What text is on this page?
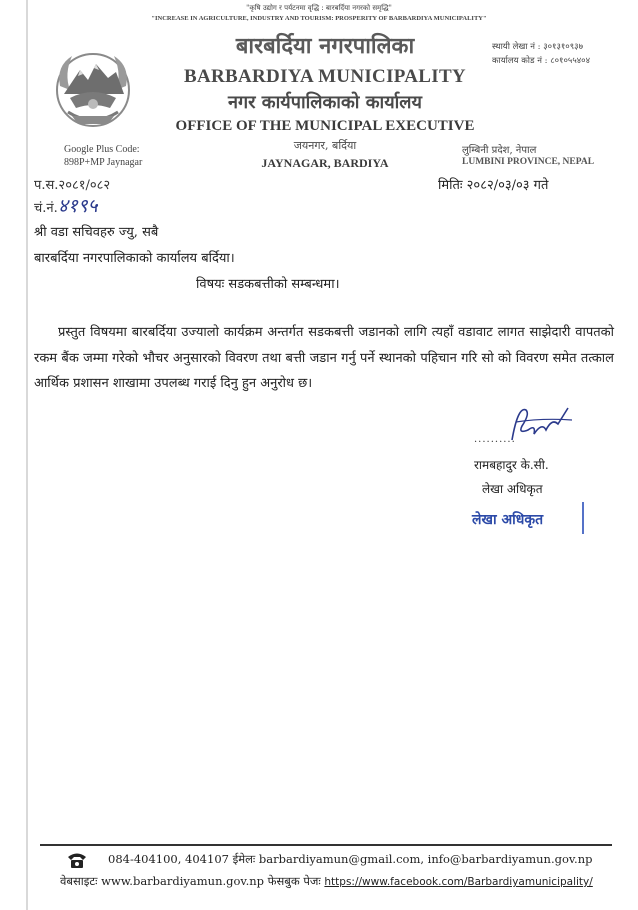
"कृषि उद्योग र पर्यटनमा वृद्धि : बारबर्दिया नगरको समृद्धि"
"INCREASE IN AGRICULTURE, INDUSTRY AND TOURISM: PROSPERITY OF BARBARDIYA MUNICIPALITY"
बारबर्दिया नगरपालिका
BARBARDIYA MUNICIPALITY
नगर कार्यपालिकाको कार्यालय
OFFICE OF THE MUNICIPAL EXECUTIVE
जयनगर, बर्दिया
JAYNAGAR, BARDIYA
स्थायी लेखा नं : ३०१३१०९३७
कार्यालय कोड नं : ८०१०५५४०४
Google Plus Code:
898P+MP Jaynagar
लुम्बिनी प्रदेश, नेपाल
LUMBINI PROVINCE, NEPAL
प.स.२०८१/०८२	मितिः २०८२/०३/०३ गते
चं.नं. ४१९५
श्री वडा सचिवहरु ज्यु, सबै
बारबर्दिया नगरपालिकाको कार्यालय बर्दिया।
विषयः सडकबत्तीको सम्बन्धमा।
प्रस्तुत विषयमा बारबर्दिया उज्यालो कार्यक्रम अन्तर्गत सडकबत्ती जडानको लागि त्यहाँ वडावाट लागत साझेदारी वापतको रकम बैंक जम्मा गरेको भौचर अनुसारको विवरण तथा बत्ती जडान गर्नु पर्ने स्थानको पहिचान गरि सो को विवरण समेत तत्काल आर्थिक प्रशासन शाखामा उपलब्ध गराई दिनु हुन अनुरोध छ।
..........
रामबहादुर के.सी.
लेखा अधिकृत
लेखा अधिकृत
084-404100, 404107 ईमेलः barbardiyamun@gmail.com, info@barbardiyamun.gov.np
वेबसाइटः www.barbardiyamun.gov.np फेसबुक पेजः https://www.facebook.com/Barbardiyamunicipality/
